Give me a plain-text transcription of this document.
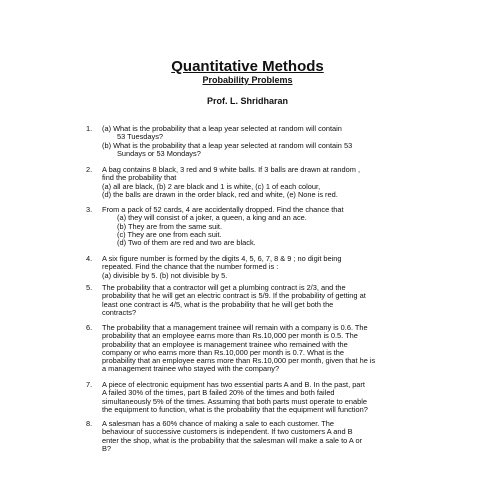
Quantitative Methods
Probability Problems
Prof. L. Shridharan
1. (a) What is the probability that a leap year selected at random will contain
53 Tuesdays?
(b) What is the probability that a leap year selected at random will contain 53
Sundays or 53 Mondays?
2. A bag contains 8 black, 3 red and 9 white balls. If 3 balls are drawn at random ,
find the probability that
(a) all are black, (b) 2 are black and 1 is white, (c) 1 of each colour,
(d) the balls are drawn in the order black, red and white, (e) None is red.
3. From a pack of 52 cards, 4 are accidentally dropped. Find the chance that
(a) they will consist of a joker, a queen, a king and an ace.
(b) They are from the same suit.
(c) They are one from each suit.
(d) Two of them are red and two are black.
4. A six figure number is formed by the digits 4, 5, 6, 7, 8 & 9 ; no digit being
repeated. Find the chance that the number formed is :
(a) divisible by 5. (b) not divisible by 5.
5. The probability that a contractor will get a plumbing contract is 2/3, and the
probability that he will get an electric contract is 5/9. If the probability of getting at
least one contract is 4/5, what is the probability that he will get both the
contracts?
6. The probability that a management trainee will remain with a company is 0.6. The
probability that an employee earns more than Rs.10,000 per month is 0.5. The
probability that an employee is management trainee who remained with the
company or who earns more than Rs.10,000 per month is 0.7. What is the
probability that an employee earns more than Rs.10,000 per month, given that he is
a management trainee who stayed with the company?
7. A piece of electronic equipment has two essential parts A and B. In the past, part
A failed 30% of the times, part B failed 20% of the times and both failed
simultaneously 5% of the times. Assuming that both parts must operate to enable
the equipment to function, what is the probability that the equipment will function?
8. A salesman has a 60% chance of making a sale to each customer. The
behaviour of successive customers is independent. If two customers A and B
enter the shop, what is the probability that the salesman will make a sale to A or
B?
